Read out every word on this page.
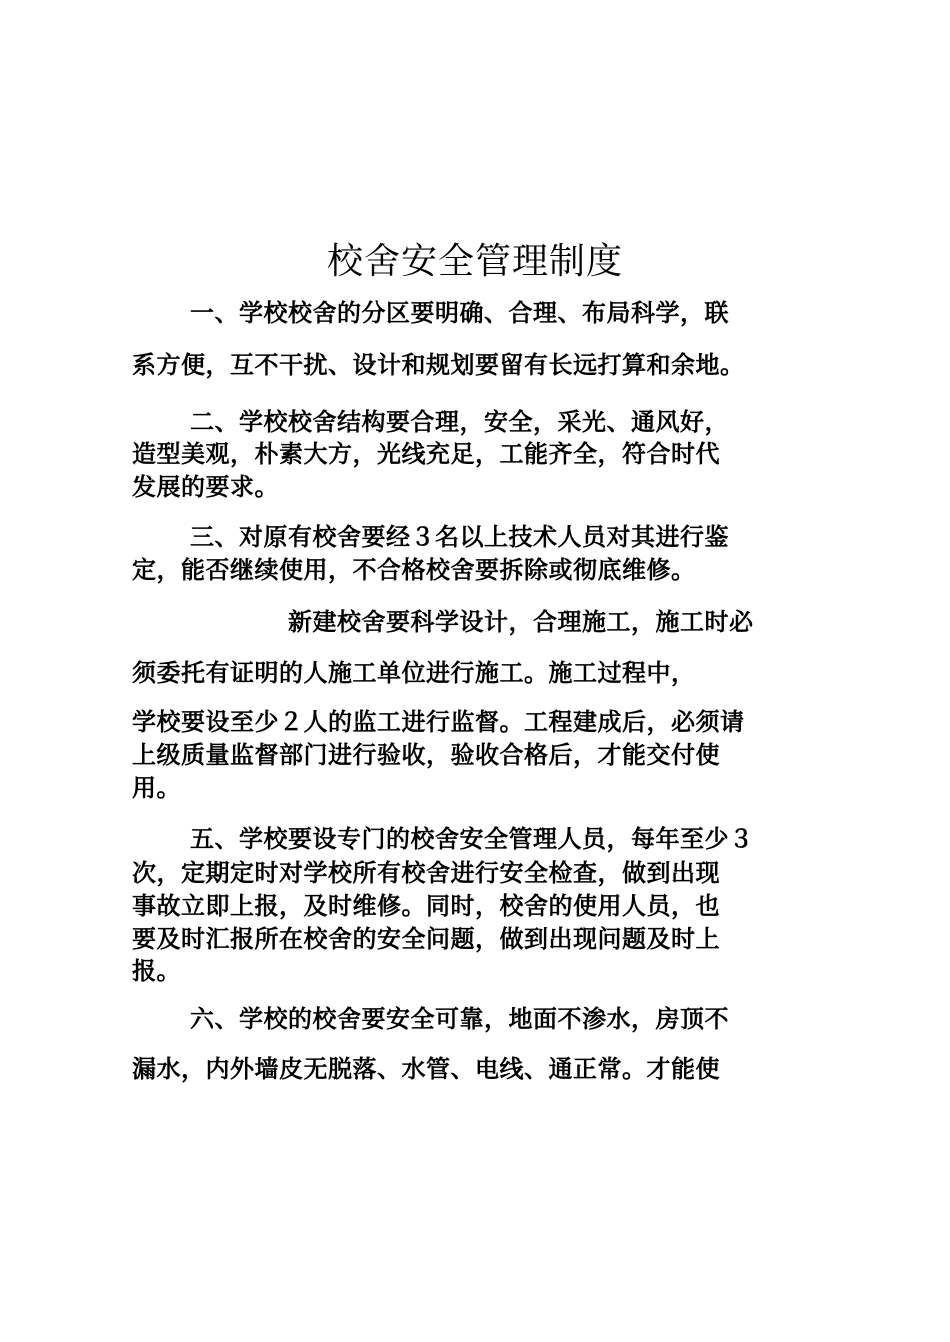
校舍安全管理制度
一、学校校舍的分区要明确、合理、布局科学，联
系方便，互不干扰、设计和规划要留有长远打算和余地。
二、学校校舍结构要合理，安全，采光、通风好，
造型美观，朴素大方，光线充足，工能齐全，符合时代
发展的要求。
三、对原有校舍要经３名以上技术人员对其进行鉴
定，能否继续使用，不合格校舍要拆除或彻底维修。
新建校舍要科学设计，合理施工，施工时必
须委托有证明的人施工单位进行施工。施工过程中，
学校要设至少２人的监工进行监督。工程建成后，必须请
上级质量监督部门进行验收，验收合格后，才能交付使
用。
五、学校要设专门的校舍安全管理人员，每年至少３
次，定期定时对学校所有校舍进行安全检查，做到出现
事故立即上报，及时维修。同时，校舍的使用人员，也
要及时汇报所在校舍的安全问题，做到出现问题及时上
报。
六、学校的校舍要安全可靠，地面不渗水，房顶不
漏水，内外墙皮无脱落、水管、电线、通正常。才能使
